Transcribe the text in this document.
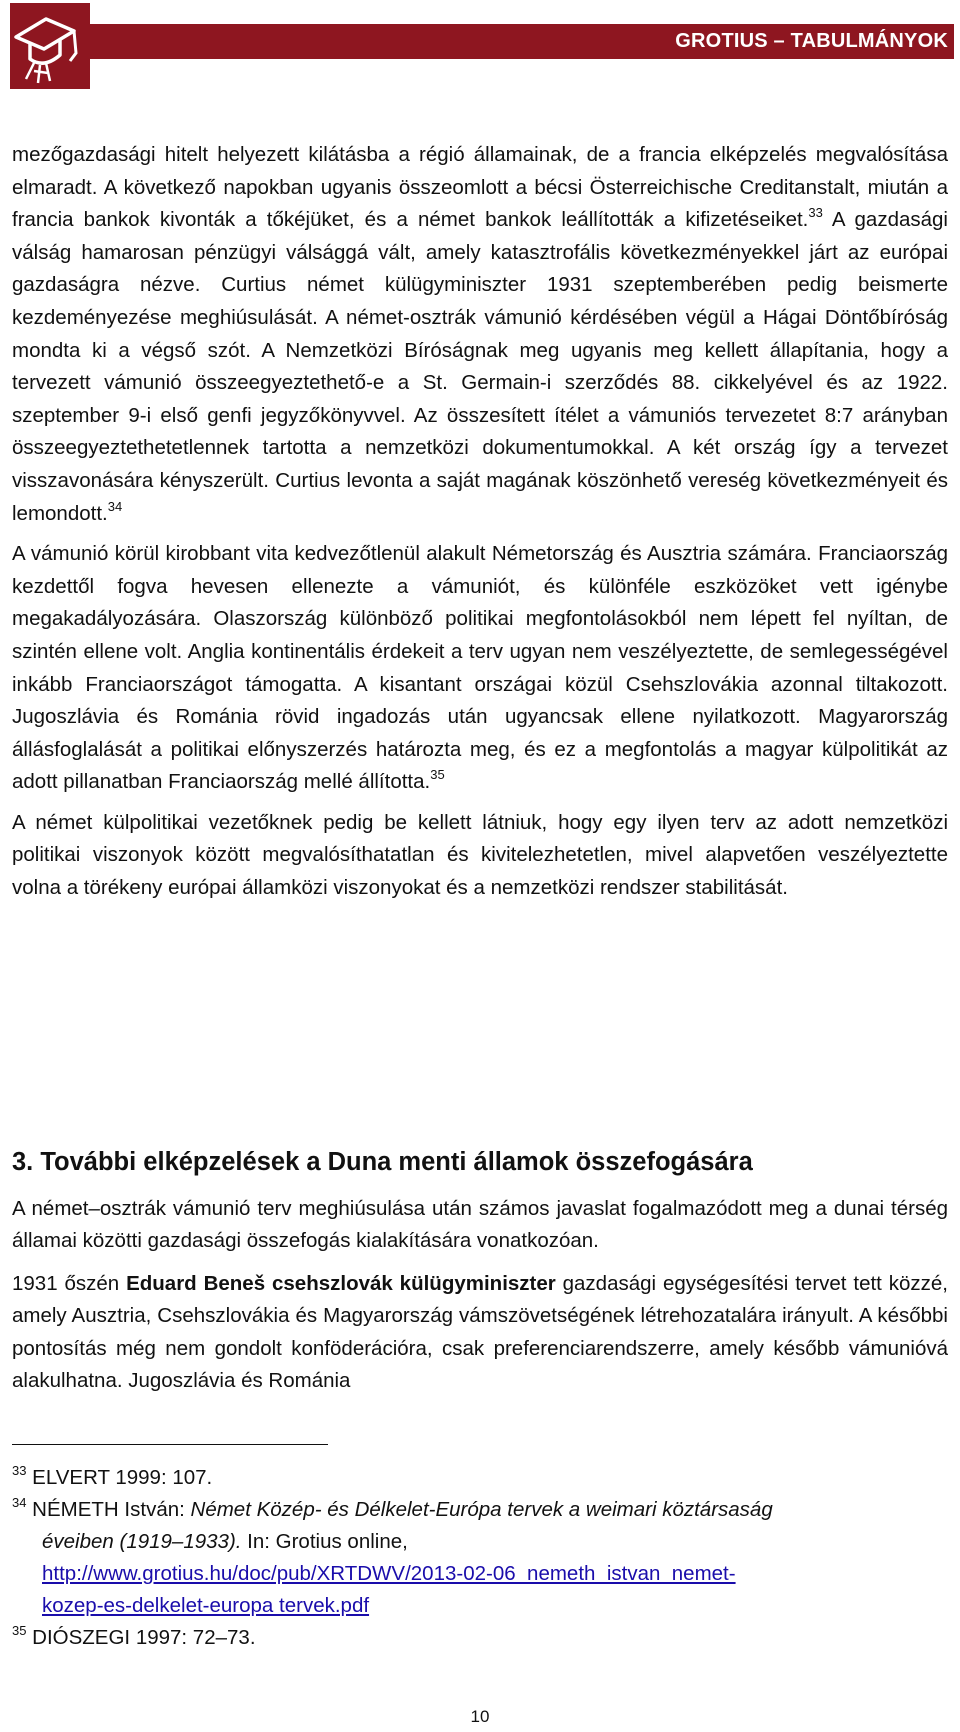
GROTIUS – TABULMÁNYOK

mezőgazdasági hitelt helyezett kilátásba a régió államainak, de a francia elképzelés megvalósítása elmaradt. A következő napokban ugyanis összeomlott a bécsi Österreichische Creditanstalt, miután a francia bankok kivonták a tőkéjüket, és a német bankok leállították a kifizetéseiket.$^{33}$ A gazdasági válság hamarosan pénzügyi válsággá vált, amely katasztrofális következményekkel járt az európai gazdaságra nézve. Curtius német külügyminiszter 1931 szeptemberében pedig beismerte kezdeményezése meghiúsulását. A német-osztrák vámunió kérdésében végül a Hágai Döntőbíróság mondta ki a végső szót. A Nemzetközi Bíróságnak meg ugyanis meg kellett állapítania, hogy a tervezett vámunió összeegyeztethető-e a St. Germain-i szerződés 88. cikkelyével és az 1922. szeptember 9-i első genfi jegyzőkönyvvel. Az összesített ítélet a vámuniós tervezetet 8:7 arányban összeegyeztethetetlennek tartotta a nemzetközi dokumentumokkal. A két ország így a tervezet visszavonására kényszerült. Curtius levonta a saját magának köszönhető vereség következményeit és lemondott.$^{34}$

A vámunió körül kirobbant vita kedvezőtlenül alakult Németország és Ausztria számára. Franciaország kezdettől fogva hevesen ellenezte a vámuniót, és különféle eszközöket vett igénybe megakadályozására. Olaszország különböző politikai megfontolásokból nem lépett fel nyíltan, de szintén ellene volt. Anglia kontinentális érdekeit a terv ugyan nem veszélyeztette, de semlegességével inkább Franciaországot támogatta. A kisantant országai közül Csehszlovákia azonnal tiltakozott. Jugoszlávia és Románia rövid ingadozás után ugyancsak ellene nyilatkozott. Magyarország állásfoglalását a politikai előnyszerzés határozta meg, és ez a megfontolás a magyar külpolitikát az adott pillanatban Franciaország mellé állította.$^{35}$

A német külpolitikai vezetőknek pedig be kellett látniuk, hogy egy ilyen terv az adott nemzetközi politikai viszonyok között megvalósíthatatlan és kivitelezhetetlen, mivel alapvetően veszélyeztette volna a törékeny európai államközi viszonyokat és a nemzetközi rendszer stabilitását.

3. További elképzelések a Duna menti államok összefogására

A német–osztrák vámunió terv meghiúsulása után számos javaslat fogalmazódott meg a dunai térség államai közötti gazdasági összefogás kialakítására vonatkozóan.

1931 őszén Eduard Beneš csehszlovák külügyminiszter gazdasági egységesítési tervet tett közzé, amely Ausztria, Csehszlovákia és Magyarország vámszövetségének létrehozatalára irányult. A későbbi pontosítás még nem gondolt konföderációra, csak preferenciarendszerre, amely később vámunióvá alakulhatna. Jugoszlávia és Románia

$^{33}$ ELVERT 1999: 107.
$^{34}$ NÉMETH István: Német Közép- és Délkelet-Európa tervek a weimari köztársaság
éveiben (1919–1933). In: Grotius online,
http://www.grotius.hu/doc/pub/XRTDWV/2013-02-06_nemeth_istvan_nemet-
kozep-es-delkelet-europa tervek.pdf
$^{35}$ DIÓSZEGI 1997: 72–73.
10
